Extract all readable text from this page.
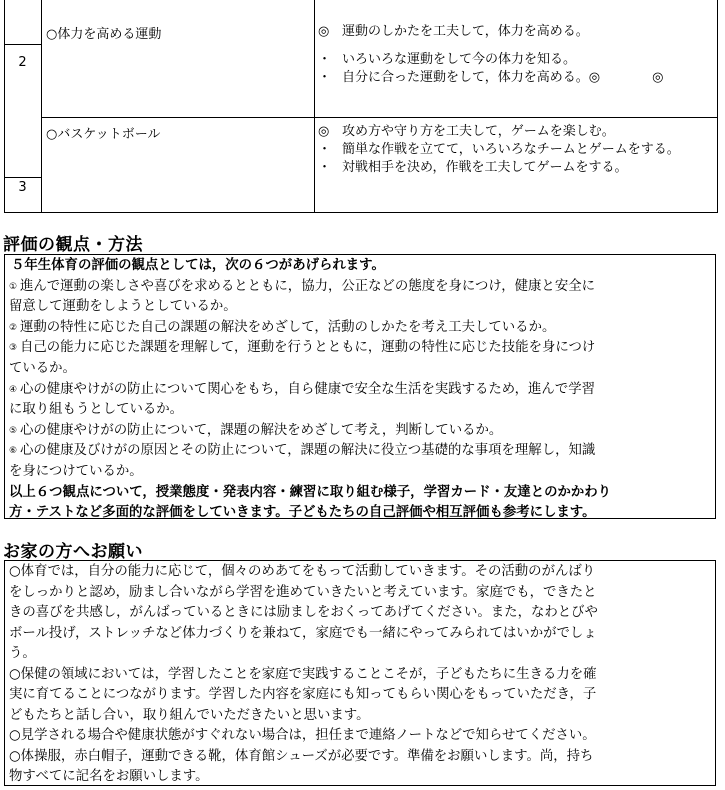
2
○体力を高める運動	◎ 運動のしかたを工夫して，体力を高める。
・ いろいろな運動をして今の体力を知る。
・ 自分に合った運動をして，体力を高める。◎	◎
3
○バスケットボール	◎ 攻め方や守り方を工夫して，ゲームを楽しむ。
・ 簡単な作戦を立てて，いろいろなチームとゲームをする。
・ 対戦相手を決め，作戦を工夫してゲームをする。
評価の観点・方法
５年生体育の評価の観点としては，次の６つがあげられます。
① 進んで運動の楽しさや喜びを求めるとともに，協力，公正などの態度を身につけ，健康と安全に
留意して運動をしようとしているか。
② 運動の特性に応じた自己の課題の解決をめざして，活動のしかたを考え工夫しているか。
③ 自己の能力に応じた課題を理解して，運動を行うとともに，運動の特性に応じた技能を身につけ
ているか。
④ 心の健康やけがの防止について関心をもち，自ら健康で安全な生活を実践するため，進んで学習
に取り組もうとしているか。
⑤ 心の健康やけがの防止について，課題の解決をめざして考え，判断しているか。
⑥ 心の健康及びけがの原因とその防止について，課題の解決に役立つ基礎的な事項を理解し，知識
を身につけているか。
以上６つ観点について，授業態度・発表内容・練習に取り組む様子，学習カード・友達とのかかわり
方・テストなど多面的な評価をしていきます。子どもたちの自己評価や相互評価も参考にします。
お家の方へお願い
○体育では，自分の能力に応じて，個々のめあてをもって活動していきます。その活動のがんばり
をしっかりと認め，励まし合いながら学習を進めていきたいと考えています。家庭でも，できたと
きの喜びを共感し，がんばっているときには励ましをおくってあげてください。また，なわとびや
ボール投げ，ストレッチなど体力づくりを兼ねて，家庭でも一緒にやってみられてはいかがでしょ
う。
○保健の領域においては，学習したことを家庭で実践することこそが，子どもたちに生きる力を確
実に育てることにつながります。学習した内容を家庭にも知ってもらい関心をもっていただき，子
どもたちと話し合い，取り組んでいただきたいと思います。
○見学される場合や健康状態がすぐれない場合は，担任まで連絡ノートなどで知らせてください。
○体操服，赤白帽子，運動できる靴，体育館シューズが必要です。準備をお願いします。尚，持ち
物すべてに記名をお願いします。
